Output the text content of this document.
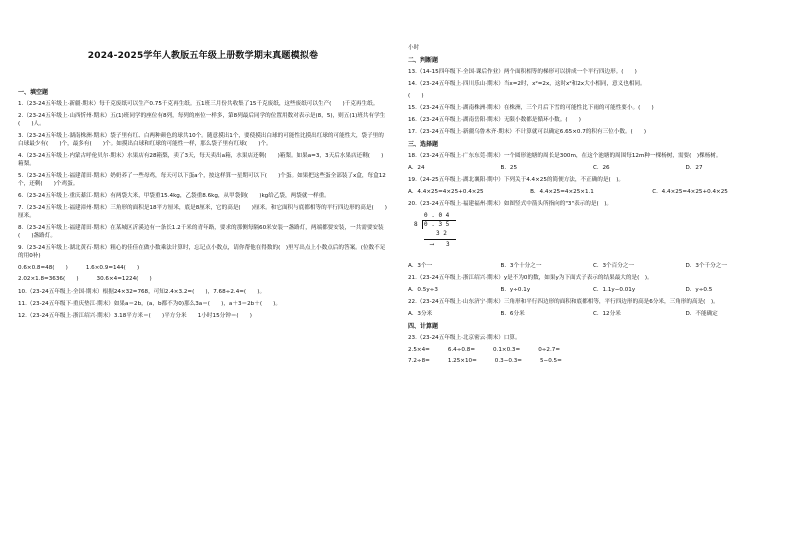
2024-2025学年人教版五年级上册数学期末真题模拟卷
一、填空题
1.（23-24五年级上·新疆·期末）每千克废纸可以生产0.75千克再生纸。五1班三月份共收集了15千克废纸，这些废纸可以生产(　　)千克再生纸。
2.（23-24五年级上·山西忻州·期末）五(1)班同学的座位有8列，每列的座位一样多，第8列最后同学的位置用数对表示是(8，5)，则五(1)班共有学生(　　)人。
3.（23-24五年级上·湖南株洲·期末）袋子里有红、白两种颜色的球共10个。随意摸出1个，要使摸出白球的可能性比摸出红球的可能性大，袋子里的白球最少有(　　)个，最多有(　　)个。如摸出白球和红球的可能性一样，那么袋子里有红球(　　)个。
4.（23-24五年级上·内蒙古呼伦贝尔·期末）水果店有28箱梨，卖了3天，每天卖出a箱，水果店还剩(　　)箱梨。如果a=3，3天后水果店还剩(　　)箱梨。
5.（23-24五年级上·福建莆田·期末）奶奶养了一些母鸡，每天可以下蛋a个，按这样算一星期可以下(　　)个蛋。如果把这些蛋全部装了x盒，每盒12个，还剩(　　)个鸡蛋。
6.（23-24五年级上·重庆綦江·期末）有两袋大米，甲袋重15.4kg，乙袋重8.6kg，从甲袋倒(　　)kg给乙袋，两袋就一样重。
7.（23-24五年级上·福建漳州·期末）三角形的面积是18平方厘米，底是8厘米，它的高是(　　)厘米。和它面积与底都相等的平行四边形的高是(　　)厘米。
8.（23-24五年级上·福建莆田·期末）在某城区沂溪边有一条长1.2千米的青年路，要求的那侧每隔60米安装一盏路灯，两端都要安装，一共需要安装(　　)盏路灯。
9.（23-24五年级上·湖北黄石·期末）粗心的佳佳在做小数乘法计算时，忘记点小数点，请你帮他在得数的(　)里写出点上小数点后的答案。(位数不足的用0补)
0.6×0.8=48(　　)	1.6×0.9=144(　　)
2.02×1.8=3636(　　)	30.6×4=1224(　　)
10.（23-24五年级上·全国·期末）根据24×32=768，可知2.4×3.2=(　　)，7.68÷2.4=(　　)。
11.（23-24五年级下·重庆垫江·期末）如果a＝2b，(a，b都不为0)那么3a＝(　　)，a＋3＝2b＋(　　)。
12.（23-24五年级上·浙江绍兴·期末）3.18平方米＝(　　)平方分米　　1小时15分钟＝(　　)
小时
二、判断题
13.（14-15四年级下·全国·课后作业）两个面积相等的梯形可以拼成一个平行四边形。(　　)
14.（23-24五年级上·四川乐山·期末）当x=2时，x²=2x，这时x²和2x大小相同，意义也相同。
(　　)
15.（23-24五年级上·湖南株洲·期末）在株洲，三个月后下雪的可能性比下雨的可能性要小。(　　)
16.（23-24五年级上·湖南岳阳·期末）无限小数都是循环小数。(　　)
17.（23-24五年级上·新疆乌鲁木齐·期末）不计算就可以确定6.65×0.7的积有三位小数。(　　)
三、选择题
18.（23-24五年级上·广东东莞·期末）一个圆形池塘的周长是300m，在这个池塘的周围每12m种一棵杨树，需要(　)棵杨树。
A．24	B．25	C．26	D．27
19.（24-25五年级上·湖北襄阳·期中）下列关于4.4×25的简便方法，不正确的是(　)。
A．4.4×25=4×25+0.4×25	B．4.4×25=4×25×1.1	C．4.4×25=4×25+0.4×25
20.（23-24五年级上·福建福州·期末）如图竖式中箭头所指向的"3"表示的是(　)。
0 . 0 4
8 0 . 3 5
3 2
⟶ 3
A．3个一	B．3个十分之一	C．3个百分之一	D．3个千分之一
21.（23-24五年级上·浙江绍兴·期末）y是不为0的数，如果y为下面式子表示的结果最大的是(　)。
A．0.5y÷3	B．y÷0.1y	C．1.1y−0.01y	D．y÷0.5
22.（23-24五年级上·山东济宁·期末）三角形和平行四边形的面积和底都相等，平行四边形的高是6分米，三角形的高是(　)。
A．3分米	B．6分米	C．12分米	D．不能确定
四、计算题
23.（23-24五年级上·北京密云·期末）口算。
2.5×4=	6.4÷0.8=	0.1×0.3=	0÷2.7=
7.2÷8=	1.25×10=	0.3−0.3=	5−0.5=
